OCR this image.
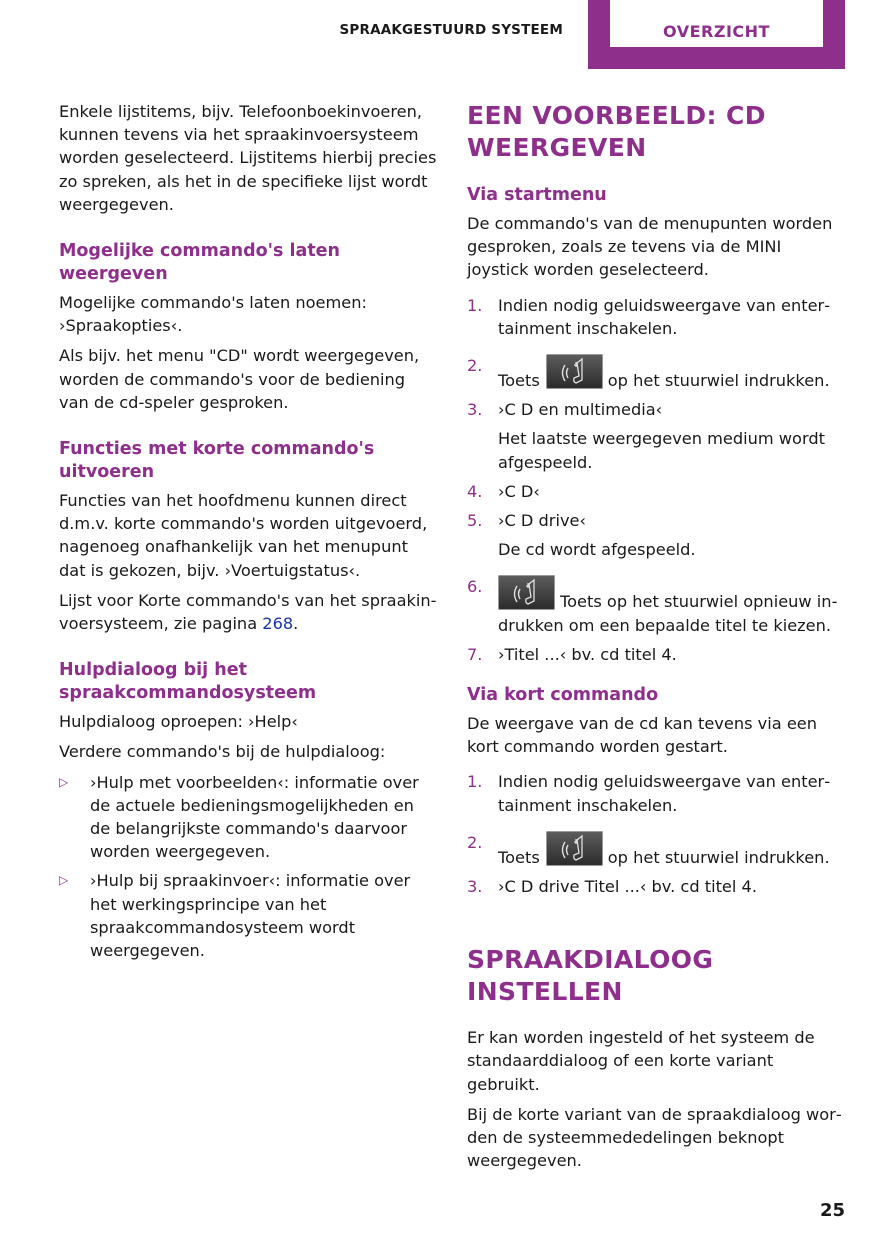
SPRAAKGESTUURD SYSTEEM	OVERZICHT

Enkele lijstitems, bijv. Telefoonboekinvoeren, kunnen tevens via het spraakinvoersysteem worden geselecteerd. Lijstitems hierbij precies zo spreken, als het in de specifieke lijst wordt weergegeven.

Mogelijke commando's laten weergeven

Mogelijke commando's laten noemen: ›Spraakopties‹.

Als bijv. het menu "CD" wordt weergegeven, worden de commando's voor de bediening van de cd-speler gesproken.

Functies met korte commando's uitvoeren

Functies van het hoofdmenu kunnen direct d.m.v. korte commando's worden uitgevoerd, nagenoeg onafhankelijk van het menupunt dat is gekozen, bijv. ›Voertuigstatus‹.

Lijst voor Korte commando's van het spraakinvoersysteem, zie pagina 268.

Hulpdialoog bij het spraakcommandosysteem

Hulpdialoog oproepen: ›Help‹

Verdere commando's bij de hulpdialoog:

▷ ›Hulp met voorbeelden‹: informatie over de actuele bedieningsmogelijkheden en de belangrijkste commando's daarvoor worden weergegeven.
▷ ›Hulp bij spraakinvoer‹: informatie over het werkingsprincipe van het spraakcommandosysteem wordt weergegeven.
EEN VOORBEELD: CD WEERGEVEN
Via startmenu

De commando's van de menupunten worden gesproken, zoals ze tevens via de MINI joystick worden geselecteerd.

1. Indien nodig geluidsweergave van entertainment inschakelen.
2.
Toets	op het stuurwiel indrukken.
3. ›C D en multimedia‹
Het laatste weergegeven medium wordt afgespeeld.
4. ›C D‹
5. ›C D drive‹
De cd wordt afgespeeld.
6.
Toets op het stuurwiel opnieuw indrukken om een bepaalde titel te kiezen.
7. ›Titel ...‹ bv. cd titel 4.
Via kort commando

De weergave van de cd kan tevens via een kort commando worden gestart.

1. Indien nodig geluidsweergave van entertainment inschakelen.
2.
Toets	op het stuurwiel indrukken.
3. ›C D drive Titel ...‹ bv. cd titel 4.
SPRAAKDIALOOG INSTELLEN

Er kan worden ingesteld of het systeem de standaarddialoog of een korte variant gebruikt.

Bij de korte variant van de spraakdialoog worden de systeemmededelingen beknopt weergegeven.

25
